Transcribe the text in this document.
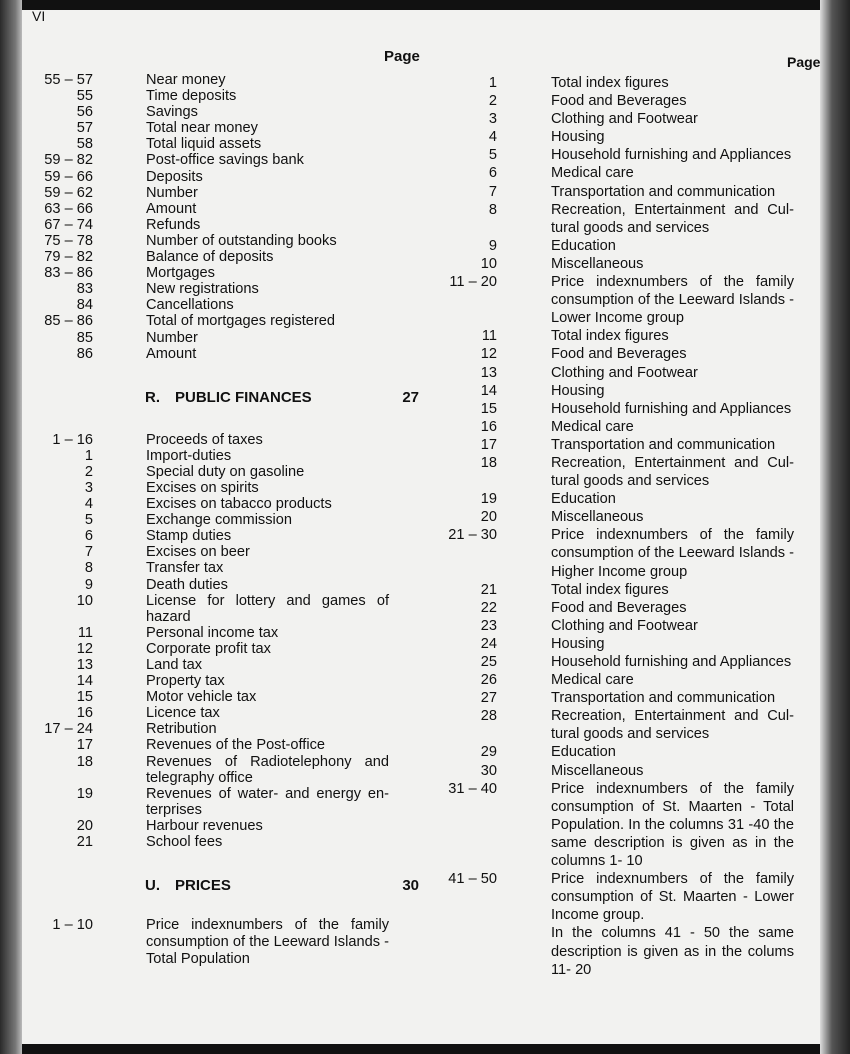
VI
Page	Page
55 – 57	Near money
55	Time deposits
56	Savings
57	Total near money
58	Total liquid assets
59 – 82	Post-office savings bank
59 – 66	Deposits
59 – 62	Number
63 – 66	Amount
67 – 74	Refunds
75 – 78	Number of outstanding books
79 – 82	Balance of deposits
83 – 86	Mortgages
83	New registrations
84	Cancellations
85 – 86	Total of mortgages registered
85	Number
86	Amount
R.	PUBLIC FINANCES	27
1 – 16	Proceeds of taxes
1	Import-duties
2	Special duty on gasoline
3	Excises on spirits
4	Excises on tabacco products
5	Exchange commission
6	Stamp duties
7	Excises on beer
8	Transfer tax
9	Death duties
10	License for lottery and games of hazard
11	Personal income tax
12	Corporate profit tax
13	Land tax
14	Property tax
15	Motor vehicle tax
16	Licence tax
17 – 24	Retribution
17	Revenues of the Post-office
18	Revenues of Radiotelephony and telegraphy office
19	Revenues of water- and energy en-terprises
20	Harbour revenues
21	School fees
U.	PRICES	30
1 – 10	Price indexnumbers of the family consumption of the Leeward Islands - Total Population
1	Total index figures
2	Food and Beverages
3	Clothing and Footwear
4	Housing
5	Household furnishing and Appliances
6	Medical care
7	Transportation and communication
8	Recreation, Entertainment and Cul-tural goods and services
9	Education
10	Miscellaneous
11 – 20	Price indexnumbers of the family consumption of the Leeward Islands - Lower Income group
11	Total index figures
12	Food and Beverages
13	Clothing and Footwear
14	Housing
15	Household furnishing and Appliances
16	Medical care
17	Transportation and communication
18	Recreation, Entertainment and Cul-tural goods and services
19	Education
20	Miscellaneous
21 – 30	Price indexnumbers of the family consumption of the Leeward Islands - Higher Income group
21	Total index figures
22	Food and Beverages
23	Clothing and Footwear
24	Housing
25	Household furnishing and Appliances
26	Medical care
27	Transportation and communication
28	Recreation, Entertainment and Cul-tural goods and services
29	Education
30	Miscellaneous
31 – 40	Price indexnumbers of the family consumption of St. Maarten - Total Population. In the columns 31 -40 the same description is given as in the columns 1- 10
41 – 50	Price indexnumbers of the family consumption of St. Maarten - Lower Income group.
In the columns 41 - 50 the same description is given as in the colums 11- 20
